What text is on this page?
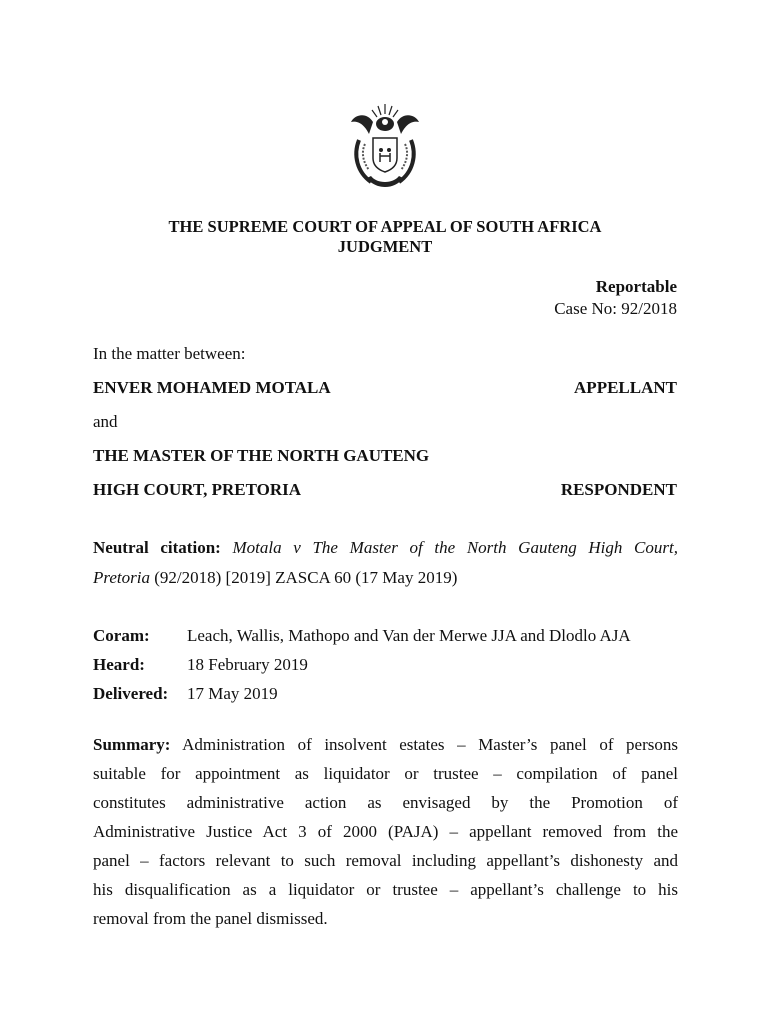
THE SUPREME COURT OF APPEAL OF SOUTH AFRICA
JUDGMENT
Reportable
Case No: 92/2018
In the matter between:
ENVER MOHAMED MOTALA	APPELLANT
and
THE MASTER OF THE NORTH GAUTENG
HIGH COURT, PRETORIA	RESPONDENT
Neutral citation: Motala v The Master of the North Gauteng High Court,
Pretoria (92/2018) [2019] ZASCA 60 (17 May 2019)
Coram: Leach, Wallis, Mathopo and Van der Merwe JJA and Dlodlo AJA
Heard: 18 February 2019
Delivered: 17 May 2019
Summary: Administration of insolvent estates – Master’s panel of persons
suitable for appointment as liquidator or trustee – compilation of panel
constitutes administrative action as envisaged by the Promotion of
Administrative Justice Act 3 of 2000 (PAJA) – appellant removed from the
panel – factors relevant to such removal including appellant’s dishonesty and
his disqualification as a liquidator or trustee – appellant’s challenge to his
removal from the panel dismissed.
